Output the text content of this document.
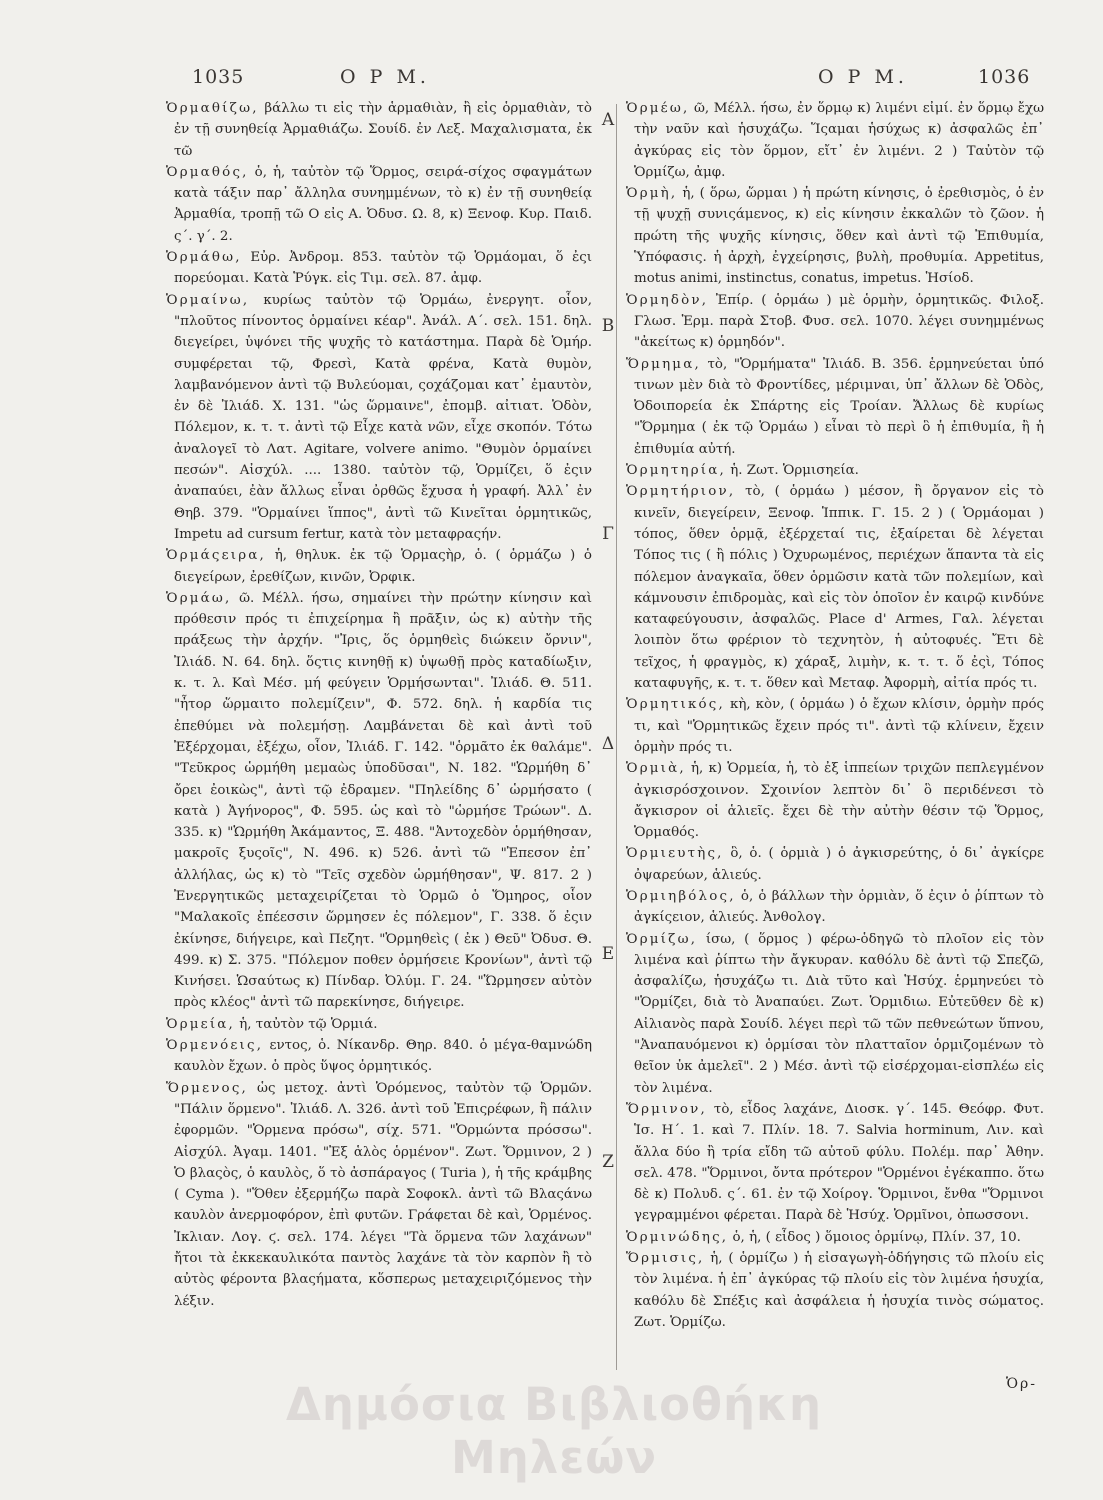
1035	Ο Ρ Μ.	Ο Ρ Μ.	1036
Ὁρμαθίζω, βάλλω τι εἰς τὴν ἁρμαθιὰν, ἢ εἰς ὁρμαθιὰν, τὸ ἐν τῇ συνηθείᾳ Ἀρμαθιάζω. Σουίδ. ἐν Λεξ. Μαχαλισματα, ἐκ τῶ
Ὁρμαθός, ὁ, ἡ, ταὐτὸν τῷ Ὅρμος, σειρά-σίχος σφαγμάτων κατὰ τάξιν παρ᾽ ἄλληλα συνημμένων, τὸ κ) ἐν τῇ συνηθείᾳ Ἀρμαθία, τροπῇ τῶ Ο εἰς Α. Ὀδυσ. Ω. 8, κ) Ξενοφ. Κυρ. Παιδ. ς΄. γ΄. 2.
Ὁρμάθω, Εὐρ. Ἀνδρομ. 853. ταὐτὸν τῷ Ὁρμάομαι, ὅ ἐςι πορεύομαι. Κατὰ Ῥύγκ. εἰς Τιμ. σελ. 87. ἀμφ.
Ὁρμαίνω, κυρίως ταὐτὸν τῷ Ὁρμάω, ἐνεργητ. οἷον, "πλοῦτος πίνοντος ὁρμαίνει κέαρ". Ἀνάλ. Α΄. σελ. 151. δηλ. διεγείρει, ὑψόνει τῆς ψυχῆς τὸ κατάστημα. Παρὰ δὲ Ὁμήρ. συμφέρεται τῷ, Φρεσὶ, Κατὰ φρένα, Κατὰ θυμὸν, λαμβανόμενον ἀντὶ τῷ Βυλεύομαι, ςοχάζομαι κατ᾽ ἐμαυτὸν, ἐν δὲ Ἰλιάδ. Χ. 131. "ὡς ὥρμαινε", ἐπομβ. αἰτιατ. Ὁδὸν, Πόλεμον, κ. τ. τ. ἀντὶ τῷ Εἶχε κατὰ νῶν, εἶχε σκοπόν. Τότω ἀναλογεῖ τὸ Λατ. Agitare, volvere animo. "Θυμὸν ὁρμαίνει πεσών". Αἰσχύλ. .... 1380. ταὐτὸν τῷ, Ὁρμίζει, ὅ ἐςιν ἀναπαύει, ἐὰν ἄλλως εἶναι ὀρθῶς ἔχυσα ἡ γραφή. Ἀλλ᾽ ἐν Θηβ. 379. "Ὁρμαίνει ἵππος", ἀντὶ τῶ Κινεῖται ὁρμητικῶς, Impetu ad cursum fertur, κατὰ τὸν μεταφραςήν.
Ὁρμάςειρα, ἡ, θηλυκ. ἐκ τῷ Ὁρμαςὴρ, ὁ. ( ὁρμάζω ) ὁ διεγείρων, ἐρεθίζων, κινῶν, Ὀρφικ.
Ὁρμάω, ῶ. Μέλλ. ήσω, σημαίνει τὴν πρώτην κίνησιν καὶ πρόθεσιν πρός τι ἐπιχείρημα ἢ πρᾶξιν, ὡς κ) αὐτὴν τῆς πράξεως τὴν ἀρχήν. "Ἰρις, ὅς ὁρμηθεὶς διώκειν ὄρνιν", Ἰλιάδ. Ν. 64. δηλ. ὅςτις κινηθῇ κ) ὑψωθῇ πρὸς καταδίωξιν, κ. τ. λ. Καὶ Μέσ. μή φεύγειν Ὁρμήσωνται". Ἰλιάδ. Θ. 511. "ἦτορ ὥρμαιτο πολεμίζειν", Φ. 572. δηλ. ἡ καρδία τις ἐπεθύμει νὰ πολεμήσῃ. Λαμβάνεται δὲ καὶ ἀντὶ τοῦ Ἐξέρχομαι, ἐξέχω, οἷον, Ἰλιάδ. Γ. 142. "ὁρμᾶτο ἐκ θαλάμε". "Τεῦκρος ὡρμήθη μεμαὼς ὑποδῦσαι", Ν. 182. "Ὡρμήθη δ᾽ ὄρει ἐοικὼς", ἀντὶ τῷ ἐδραμεν. "Πηλείδης δ᾽ ὡρμήσατο ( κατὰ ) Ἀγήνορος", Φ. 595. ὡς καὶ τὸ "ὡρμήσε Τρώων". Δ. 335. κ) "Ὡρμήθη Ἀκάμαντος, Ξ. 488. "Ἀντοχεδὸν ὁρμήθησαν, μακροῖς ξυςοῖς", Ν. 496. κ) 526. ἀντὶ τῶ "Ἐπεσον ἐπ᾽ ἀλλήλας, ὡς κ) τὸ "Τεῖς σχεδὸν ὡρμήθησαν", Ψ. 817. 2 ) Ἐνεργητικῶς μεταχειρίζεται τὸ Ὁρμῶ ὁ Ὅμηρος, οἷον "Μαλακοῖς ἐπέεσσιν ὥρμησεν ἐς πόλεμον", Γ. 338. ὅ ἐςιν ἐκίνησε, διήγειρε, καὶ Πεζητ. "Ὁρμηθεὶς ( ἐκ ) Θεῦ" Ὀδυσ. Θ. 499. κ) Σ. 375. "Πόλεμον ποθεν ὁρμήσειε Κρονίων", ἀντὶ τῷ Κινήσει. Ὡσαύτως κ) Πίνδαρ. Ὀλύμ. Γ. 24. "Ὥρμησεν αὐτὸν πρὸς κλέος" ἀντὶ τῶ παρεκίνησε, διήγειρε.
Ὁρμεία, ἡ, ταὐτὸν τῷ Ὁρμιά.
Ὁρμενόεις, εντος, ὁ. Νίκανδρ. Θηρ. 840. ὁ μέγα-θαμνώδη καυλὸν ἔχων. ὁ πρὸς ὕψος ὁρμητικός.
Ὅρμενος, ὡς μετοχ. ἀντὶ Ὁρόμενος, ταὐτὸν τῷ Ὁρμῶν. "Πάλιν ὅρμενο". Ἰλιάδ. Λ. 326. ἀντὶ τοῦ Ἐπιςρέφων, ἢ πάλιν ἐφορμῶν. "Ὁρμενα πρόσω", σίχ. 571. "Ὁρμώντα πρόσσω". Αἰσχύλ. Ἀγαμ. 1401. "Ἐξ ἁλὸς ὁρμένον". Ζωτ. Ὅρμινον, 2 ) Ὁ βλαςὸς, ὁ καυλὸς, ὅ τὸ ἀσπάραγος ( Turia ), ἡ τῆς κράμβης ( Cyma ). "Ὅθεν ἐξερμήζω παρὰ Σοφοκλ. ἀντὶ τῶ Βλαςάνω καυλὸν ἀνερμοφόρον, ἐπὶ φυτῶν. Γράφεται δὲ καὶ, Ὁρμένος. Ἰκλιαν. Λογ. ϛ. σελ. 174. λέγει "Τὰ ὅρμενα τῶν λαχάνων" ἤτοι τὰ ἐκκεκαυλικότα παντὸς λαχάνε τὰ τὸν καρπὸν ἢ τὸ αὐτὸς φέροντα βλαςήματα, κὅσπερως μεταχειριζόμενος τὴν λέξιν.
Α
Β
Γ
Δ
Ε
Ζ
Ὁρμέω, ῶ, Μέλλ. ήσω, ἐν ὅρμῳ κ) λιμένι εἰμί. ἐν ὅρμῳ ἔχω τὴν ναῦν καὶ ἡσυχάζω. Ἵςαμαι ἡσύχως κ) ἀσφαλῶς ἐπ᾽ ἀγκύρας εἰς τὸν ὅρμον, εἴτ᾽ ἐν λιμένι. 2 ) Ταὐτὸν τῷ Ὁρμίζω, ἀμφ.
Ὁρμὴ, ἡ, ( ὅρω, ὥρμαι ) ἡ πρώτη κίνησις, ὁ ἐρεθισμὸς, ὁ ἐν τῇ ψυχῇ συνιςάμενος, κ) εἰς κίνησιν ἐκκαλῶν τὸ ζῶον. ἡ πρώτη τῆς ψυχῆς κίνησις, ὅθεν καὶ ἀντὶ τῷ Ἐπιθυμία, Ὑπόφασις. ἡ ἀρχὴ, ἐγχείρησις, βυλὴ, προθυμία. Appetitus, motus animi, instinctus, conatus, impetus. Ἡσίοδ.
Ὁρμηδὸν, Ἐπίρ. ( ὁρμάω ) μὲ ὁρμὴν, ὁρμητικῶς. Φιλοξ. Γλωσ. Ἑρμ. παρὰ Στοβ. Φυσ. σελ. 1070. λέγει συνημμένως "ἀκείτως κ) ὁρμηδόν".
Ὅρμημα, τὸ, "Ὁρμήματα" Ἰλιάδ. Β. 356. ἑρμηνεύεται ὑπό τινων μὲν διὰ τὸ Φροντίδες, μέριμναι, ὑπ᾽ ἄλλων δὲ Ὁδὸς, Ὀδοιπορεία ἐκ Σπάρτης εἰς Τροίαν. Ἄλλως δὲ κυρίως "Ὅρμημα ( ἐκ τῷ Ὁρμάω ) εἶναι τὸ περὶ ὃ ἡ ἐπιθυμία, ἢ ἡ ἐπιθυμία αὐτή.
Ὁρμητηρία, ἡ. Ζωτ. Ὁρμισηεία.
Ὁρμητήριον, τὸ, ( ὁρμάω ) μέσον, ἢ ὄργανον εἰς τὸ κινεῖν, διεγείρειν, Ξενοφ. Ἱππικ. Γ. 15. 2 ) ( Ὁρμάομαι ) τόπος, ὅθεν ὁρμᾷ, ἐξέρχεταί τις, ἐξαίρεται δὲ λέγεται Τόπος τις ( ἢ πόλις ) Ὀχυρωμένος, περιέχων ἅπαντα τὰ εἰς πόλεμον ἀναγκαῖα, ὅθεν ὁρμῶσιν κατὰ τῶν πολεμίων, καὶ κάμνουσιν ἐπιδρομὰς, καὶ εἰς τὸν ὁποῖον ἐν καιρῷ κινδύνε καταφεύγουσιν, ἀσφαλῶς. Place d' Armes, Γαλ. λέγεται λοιπὸν ὅτω φρέριον τὸ τεχνητὸν, ἡ αὐτοφυές. Ἔτι δὲ τεῖχος, ἡ φραγμὸς, κ) χάραξ, λιμὴν, κ. τ. τ. ὅ ἐςὶ, Τόπος καταφυγῆς, κ. τ. τ. ὅθεν καὶ Μεταφ. Ἀφορμὴ, αἰτία πρός τι.
Ὁρμητικός, κὴ, κὸν, ( ὁρμάω ) ὁ ἔχων κλίσιν, ὁρμὴν πρός τι, καὶ "Ὁρμητικῶς ἔχειν πρός τι". ἀντὶ τῷ κλίνειν, ἔχειν ὁρμὴν πρός τι.
Ὁρμιὰ, ἡ, κ) Ὁρμεία, ἡ, τὸ ἐξ ἱππείων τριχῶν πεπλεγμένον ἀγκισρόσχοινον. Σχοινίον λεπτὸν δι᾽ ὃ περιδένεσι τὸ ἄγκισρον οἱ ἁλιεῖς. ἔχει δὲ τὴν αὐτὴν θέσιν τῷ Ὅρμος, Ὁρμαθός.
Ὁρμιευτὴς, ὃ, ὁ. ( ὁρμιὰ ) ὁ ἀγκισρεύτης, ὁ δι᾽ ἀγκίςρε ὀψαρεύων, ἁλιεύς.
Ὁρμιηβόλος, ὁ, ὁ βάλλων τὴν ὁρμιὰν, ὅ ἐςιν ὁ ῥίπτων τὸ ἀγκίςειον, ἁλιεύς. Ἀνθολογ.
Ὁρμίζω, ίσω, ( ὅρμος ) φέρω-ὁδηγῶ τὸ πλοῖον εἰς τὸν λιμένα καὶ ῥίπτω τὴν ἄγκυραν. καθόλυ δὲ ἀντὶ τῷ Σπεζῶ, ἀσφαλίζω, ἡσυχάζω τι. Διὰ τῦτο καὶ Ἡσύχ. ἑρμηνεύει τὸ "Ὁρμίζει, διὰ τὸ Ἀναπαύει. Ζωτ. Ὁρμιδιω. Εὐτεῦθεν δὲ κ) Αἰλιανὸς παρὰ Σουίδ. λέγει περὶ τῶ τῶν πεθνεώτων ὕπνου, "Ἀναπαυόμενοι κ) ὁρμίσαι τὸν πλατταῖον ὁρμιζομένων τὸ θεῖον ὑκ ἀμελεῖ". 2 ) Μέσ. ἀντὶ τῷ εἰσέρχομαι-εἰσπλέω εἰς τὸν λιμένα.
Ὅρμινον, τὸ, εἶδος λαχάνε, Διοσκ. γ΄. 145. Θεόφρ. Φυτ. Ἱσ. Η΄. 1. καὶ 7. Πλίν. 18. 7. Salvia horminum, Λιν. καὶ ἄλλα δύο ἢ τρία εἴδη τῶ αὐτοῦ φύλυ. Πολέμ. παρ᾽ Ἀθην. σελ. 478. "Ὅρμινοι, ὄντα πρότερον "Ὁρμένοι ἐγέκαππο. ὅτω δὲ κ) Πολυδ. ς΄. 61. ἐν τῷ Χοίρογ. Ὅρμινοι, ἔνθα "Ὅρμινοι γεγραμμένοι φέρεται. Παρὰ δὲ Ἡσύχ. Ὁρμῖνοι, ὀπωσσονι.
Ὁρμινώδης, ὁ, ἡ, ( εἶδος ) ὅμοιος ὁρμίνῳ, Πλίν. 37, 10.
Ὅρμισις, ἡ, ( ὁρμίζω ) ἡ εἰσαγωγὴ-ὁδήγησις τῶ πλοίυ εἰς τὸν λιμένα. ἡ ἐπ᾽ ἀγκύρας τῷ πλοίυ εἰς τὸν λιμένα ἡσυχία, καθόλυ δὲ Σπέξις καὶ ἀσφάλεια ἡ ἡσυχία τινὸς σώματος. Ζωτ. Ὁρμίζω.
Ὁρ-
Δημόσια Βιβλιοθήκη Μηλεών
